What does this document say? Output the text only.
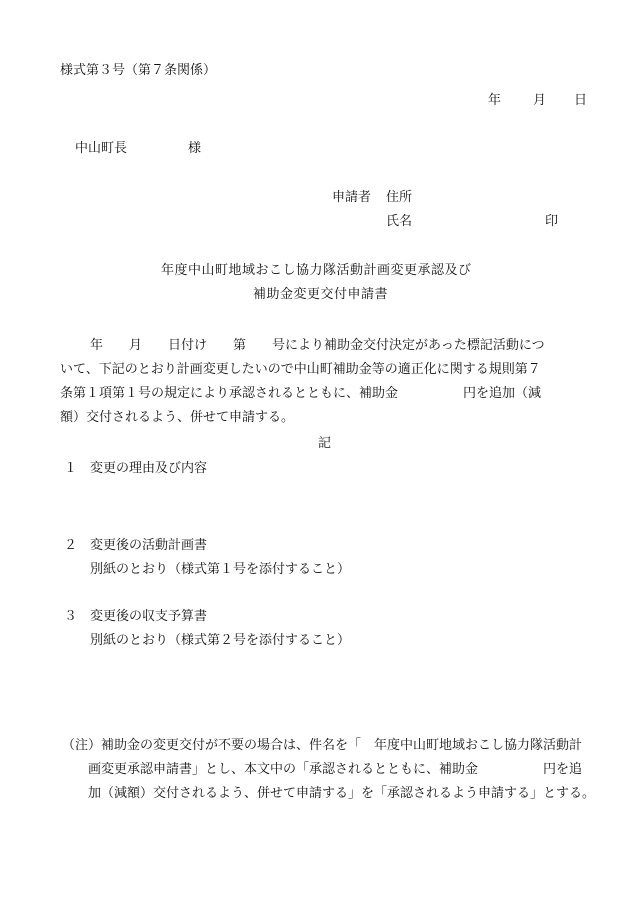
様式第３号（第７条関係）
年 月 日
中山町長	様
申請者 住所
氏名	印
年度中山町地域おこし協力隊活動計画変更承認及び
補助金変更交付申請書
年　　月　　日付け　　第　　号により補助金交付決定があった標記活動につ
いて、下記のとおり計画変更したいので中山町補助金等の適正化に関する規則第７
条第１項第１号の規定により承認されるとともに、補助金　　　　　円を追加（減
額）交付されるよう、併せて申請する。
記
１ 変更の理由及び内容
２ 変更後の活動計画書
別紙のとおり（様式第１号を添付すること）
３ 変更後の収支予算書
別紙のとおり（様式第２号を添付すること）
（注）補助金の変更交付が不要の場合は、件名を「　年度中山町地域おこし協力隊活動計
画変更承認申請書」とし、本文中の「承認されるとともに、補助金　　　　　円を追
加（減額）交付されるよう、併せて申請する」を「承認されるよう申請する」とする。
